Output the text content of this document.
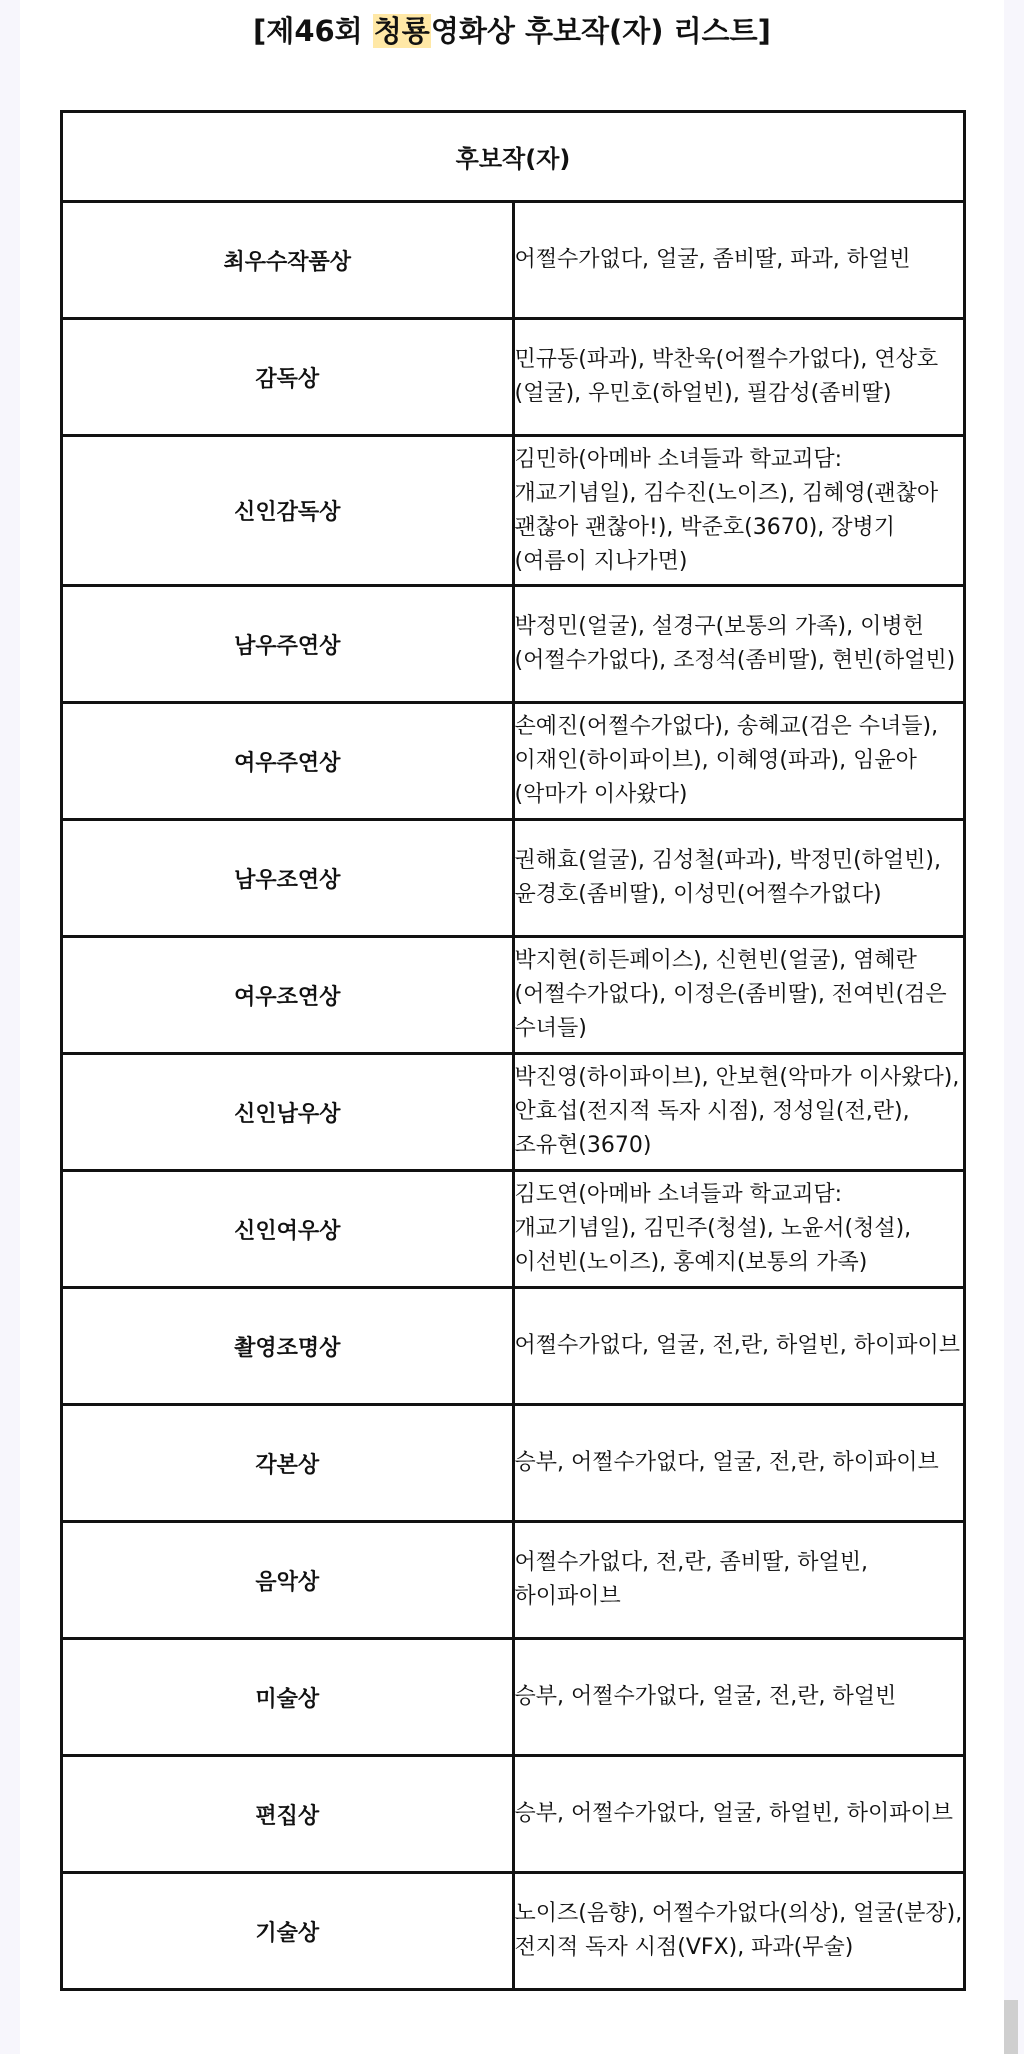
[제46회 청룡영화상 후보작(자) 리스트]
후보작(자)	
최우수작품상	어쩔수가없다, 얼굴, 좀비딸, 파과, 하얼빈
감독상	민규동(파과), 박찬욱(어쩔수가없다), 연상호(얼굴), 우민호(하얼빈), 필감성(좀비딸)
신인감독상	김민하(아메바 소녀들과 학교괴담: 개교기념일), 김수진(노이즈), 김혜영(괜찮아 괜찮아 괜찮아!), 박준호(3670), 장병기(여름이 지나가면)
남우주연상	박정민(얼굴), 설경구(보통의 가족), 이병헌(어쩔수가없다), 조정석(좀비딸), 현빈(하얼빈)
여우주연상	손예진(어쩔수가없다), 송혜교(검은 수녀들), 이재인(하이파이브), 이혜영(파과), 임윤아(악마가 이사왔다)
남우조연상	권해효(얼굴), 김성철(파과), 박정민(하얼빈), 윤경호(좀비딸), 이성민(어쩔수가없다)
여우조연상	박지현(히든페이스), 신현빈(얼굴), 염혜란(어쩔수가없다), 이정은(좀비딸), 전여빈(검은 수녀들)
신인남우상	박진영(하이파이브), 안보현(악마가 이사왔다), 안효섭(전지적 독자 시점), 정성일(전,란), 조유현(3670)
신인여우상	김도연(아메바 소녀들과 학교괴담: 개교기념일), 김민주(청설), 노윤서(청설), 이선빈(노이즈), 홍예지(보통의 가족)
촬영조명상	어쩔수가없다, 얼굴, 전,란, 하얼빈, 하이파이브
각본상	승부, 어쩔수가없다, 얼굴, 전,란, 하이파이브
음악상	어쩔수가없다, 전,란, 좀비딸, 하얼빈, 하이파이브
미술상	승부, 어쩔수가없다, 얼굴, 전,란, 하얼빈
편집상	승부, 어쩔수가없다, 얼굴, 하얼빈, 하이파이브
기술상	노이즈(음향), 어쩔수가없다(의상), 얼굴(분장), 전지적 독자 시점(VFX), 파과(무술)
